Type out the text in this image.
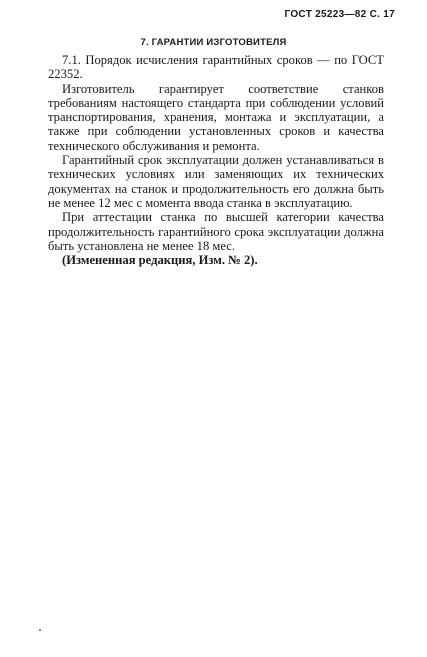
ГОСТ 25223—82 С. 17
7. ГАРАНТИИ ИЗГОТОВИТЕЛЯ

7.1. Порядок исчисления гарантийных сроков — по ГОСТ 22352.

Изготовитель гарантирует соответствие станков требованиям настоящего стандарта при соблюдении условий транспортирования, хранения, монтажа и эксплуатации, а также при соблюдении установленных сроков и качества технического обслуживания и ремонта.

Гарантийный срок эксплуатации должен устанавливаться в технических условиях или заменяющих их технических документах на станок и продолжительность его должна быть не менее 12 мес с момента ввода станка в эксплуатацию.

При аттестации станка по высшей категории качества продолжительность гарантийного срока эксплуатации должна быть установлена не менее 18 мес.

(Измененная редакция, Изм. № 2).
